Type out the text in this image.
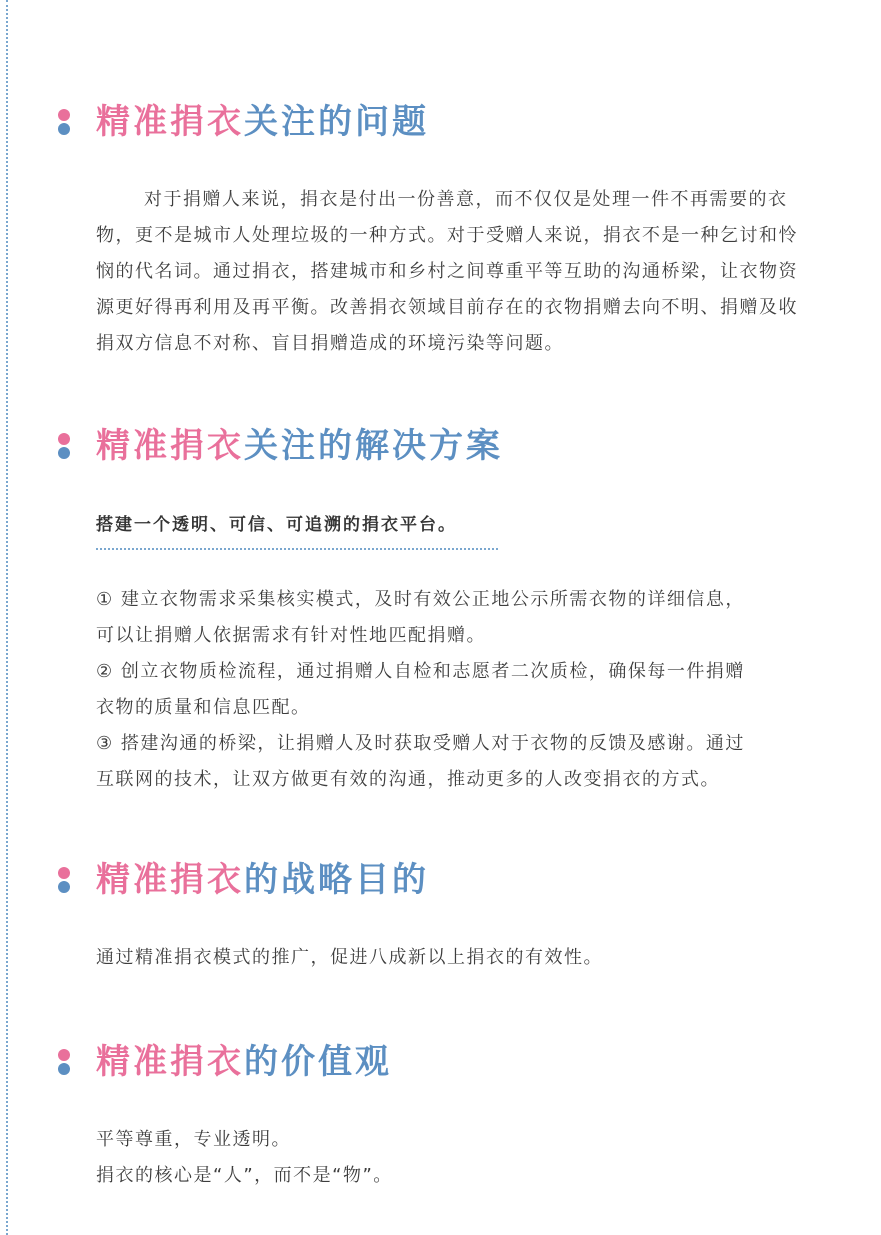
精准捐衣关注的问题

对于捐赠人来说，捐衣是付出一份善意，而不仅仅是处理一件不再需要的衣
物，更不是城市人处理垃圾的一种方式。对于受赠人来说，捐衣不是一种乞讨和怜
悯的代名词。通过捐衣，搭建城市和乡村之间尊重平等互助的沟通桥梁，让衣物资
源更好得再利用及再平衡。改善捐衣领域目前存在的衣物捐赠去向不明、捐赠及收
捐双方信息不对称、盲目捐赠造成的环境污染等问题。

精准捐衣关注的解决方案
搭建一个透明、可信、可追溯的捐衣平台。

① 建立衣物需求采集核实模式，及时有效公正地公示所需衣物的详细信息，
可以让捐赠人依据需求有针对性地匹配捐赠。
② 创立衣物质检流程，通过捐赠人自检和志愿者二次质检，确保每一件捐赠
衣物的质量和信息匹配。
③ 搭建沟通的桥梁，让捐赠人及时获取受赠人对于衣物的反馈及感谢。通过
互联网的技术，让双方做更有效的沟通，推动更多的人改变捐衣的方式。

精准捐衣的战略目的

通过精准捐衣模式的推广，促进八成新以上捐衣的有效性。

精准捐衣的价值观

平等尊重，专业透明。
捐衣的核心是“人”，而不是“物”。
